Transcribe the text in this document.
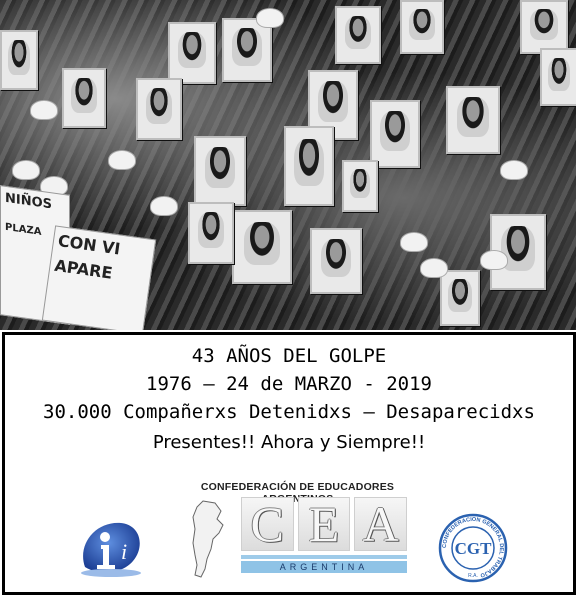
NIÑOS
PLAZA
CON VI
APARE
43 AÑOS DEL GOLPE
1976 – 24 de MARZO - 2019
30.000 Compañerxs Detenidxs – Desaparecidxs
Presentes!! Ahora y Siempre!!
i
CONFEDERACIÓN DE EDUCADORES
C E A
ARGENTINA
CONFEDERACION GENERAL DEL TRABAJO
CGT
R.A.
